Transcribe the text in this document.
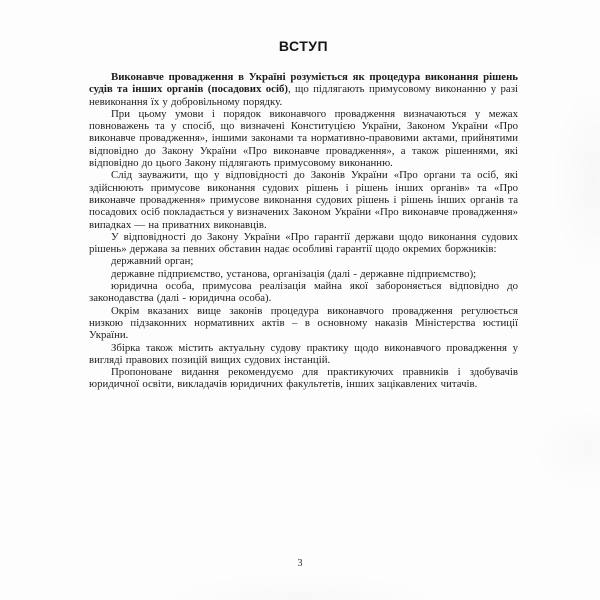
ВСТУП

Виконавче провадження в Україні розуміється як процедура виконання рішень судів та інших органів (посадових осіб), що підлягають примусовому виконанню у разі невиконання їх у добровільному порядку.

При цьому умови і порядок виконавчого провадження визначаються у межах повноважень та у спосіб, що визначені Конституцією України, Законом України «Про виконавче провадження», іншими законами та нормативно-правовими актами, прийнятими відповідно до Закону України «Про виконавче провадження», а також рішеннями, які відповідно до цього Закону підлягають примусовому виконанню.

Слід зауважити, що у відповідності до Законів України «Про органи та осіб, які здійснюють примусове виконання судових рішень і рішень інших органів» та «Про виконавче провадження» примусове виконання судових рішень і рішень інших органів та посадових осіб покладається у визначених Законом України «Про виконавче провадження» випадках — на приватних виконавців.

У відповідності до Закону України «Про гарантії держави щодо виконання судових рішень» держава за певних обставин надає особливі гарантії щодо окремих боржників:

державний орган;

державне підприємство, установа, організація (далі - державне підприємство);

юридична особа, примусова реалізація майна якої забороняється відповідно до законодавства (далі - юридична особа).

Окрім вказаних вище законів процедура виконавчого провадження регулюється низкою підзаконних нормативних актів – в основному наказів Міністерства юстиції України.

Збірка також містить актуальну судову практику щодо виконавчого провадження у вигляді правових позицій вищих судових інстанцій.

Пропоноване видання рекомендуємо для практикуючих правників і здобувачів юридичної освіти, викладачів юридичних факультетів, інших зацікавлених читачів.

3
